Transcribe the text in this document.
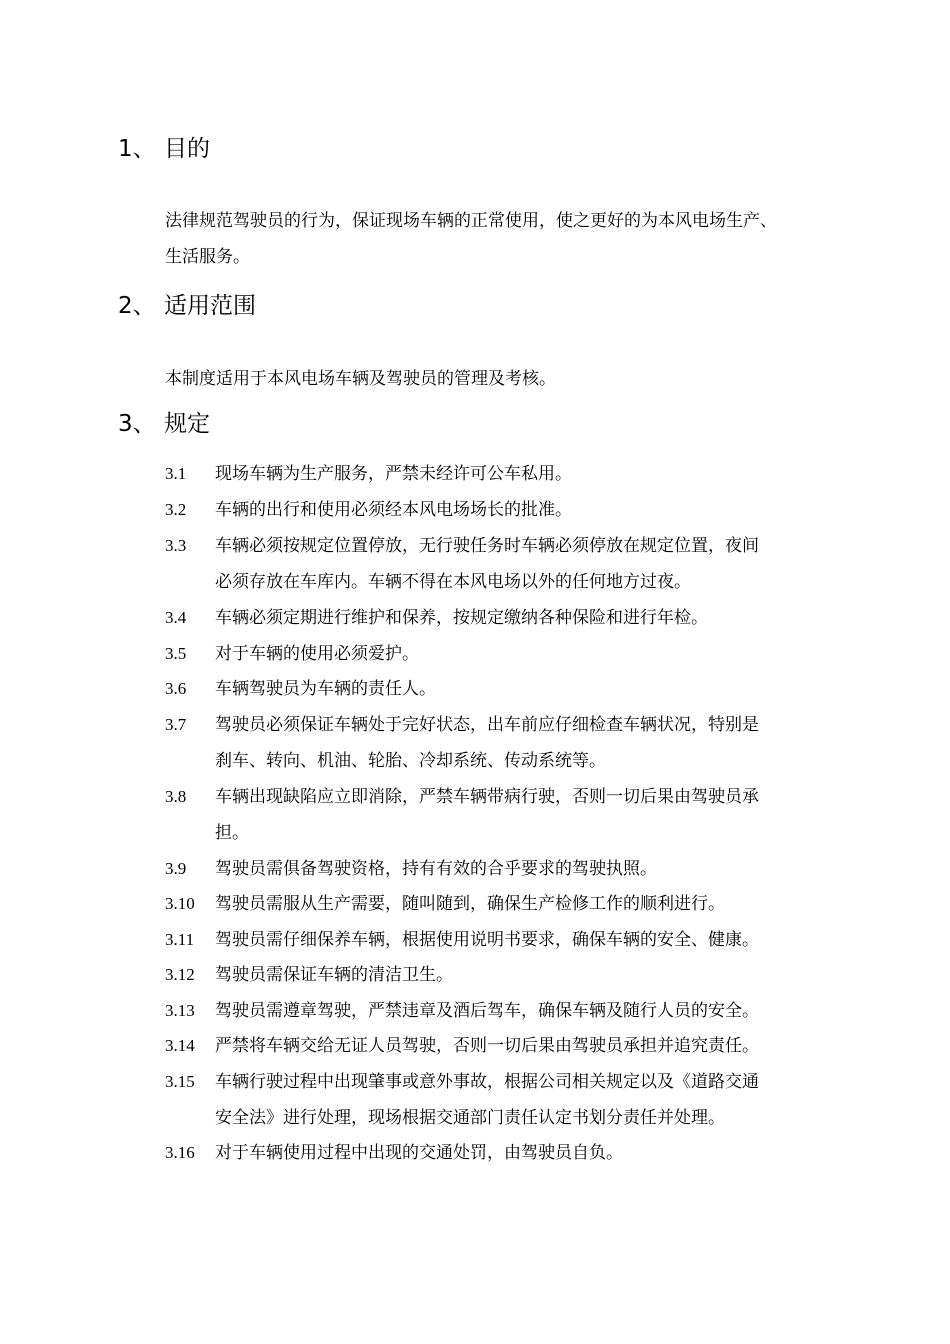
1、 目的
法律规范驾驶员的行为，保证现场车辆的正常使用，使之更好的为本风电场生产、
生活服务。
2、 适用范围
本制度适用于本风电场车辆及驾驶员的管理及考核。
3、 规定
3.1	现场车辆为生产服务，严禁未经许可公车私用。
3.2	车辆的出行和使用必须经本风电场场长的批准。
3.3	车辆必须按规定位置停放，无行驶任务时车辆必须停放在规定位置，夜间
必须存放在车库内。车辆不得在本风电场以外的任何地方过夜。
3.4	车辆必须定期进行维护和保养，按规定缴纳各种保险和进行年检。
3.5	对于车辆的使用必须爱护。
3.6	车辆驾驶员为车辆的责任人。
3.7	驾驶员必须保证车辆处于完好状态，出车前应仔细检查车辆状况，特别是
刹车、转向、机油、轮胎、冷却系统、传动系统等。
3.8	车辆出现缺陷应立即消除，严禁车辆带病行驶，否则一切后果由驾驶员承
担。
3.9	驾驶员需俱备驾驶资格，持有有效的合乎要求的驾驶执照。
3.10	驾驶员需服从生产需要，随叫随到，确保生产检修工作的顺利进行。
3.11	驾驶员需仔细保养车辆，根据使用说明书要求，确保车辆的安全、健康。
3.12	驾驶员需保证车辆的清洁卫生。
3.13	驾驶员需遵章驾驶，严禁违章及酒后驾车，确保车辆及随行人员的安全。
3.14	严禁将车辆交给无证人员驾驶，否则一切后果由驾驶员承担并追究责任。
3.15	车辆行驶过程中出现肇事或意外事故，根据公司相关规定以及《道路交通
安全法》进行处理，现场根据交通部门责任认定书划分责任并处理。
3.16	对于车辆使用过程中出现的交通处罚，由驾驶员自负。
